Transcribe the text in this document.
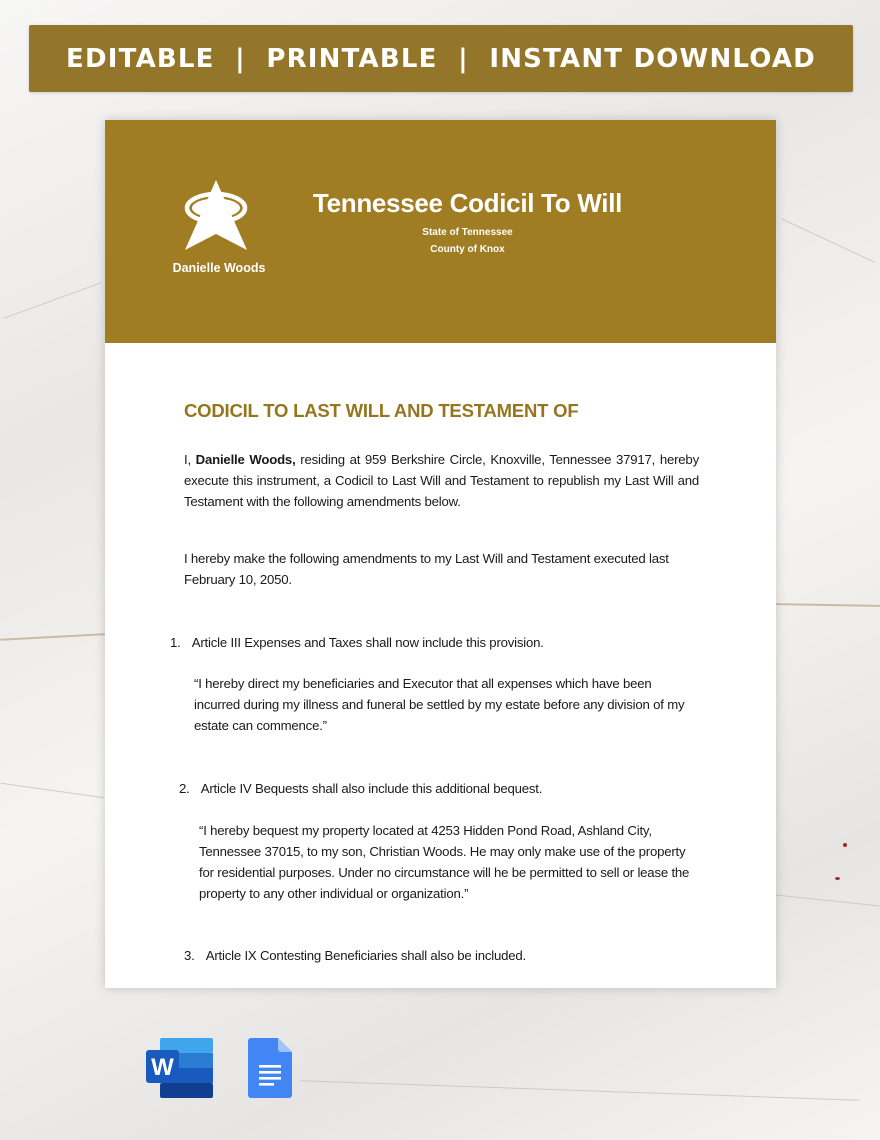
EDITABLE  |  PRINTABLE  |  INSTANT DOWNLOAD
Danielle Woods
Tennessee Codicil To Will
State of Tennessee
County of Knox
CODICIL TO LAST WILL AND TESTAMENT OF
I, Danielle Woods, residing at 959 Berkshire Circle, Knoxville, Tennessee 37917, hereby execute this instrument, a Codicil to Last Will and Testament to republish my Last Will and Testament with the following amendments below.
I hereby make the following amendments to my Last Will and Testament executed last February 10, 2050.
1. Article III Expenses and Taxes shall now include this provision.
“I hereby direct my beneficiaries and Executor that all expenses which have been incurred during my illness and funeral be settled by my estate before any division of my estate can commence.”
2. Article IV Bequests shall also include this additional bequest.
“I hereby bequest my property located at 4253 Hidden Pond Road, Ashland City, Tennessee 37015, to my son, Christian Woods. He may only make use of the property for residential purposes. Under no circumstance will he be permitted to sell or lease the property to any other individual or organization.”
3. Article IX Contesting Beneficiaries shall also be included.
W
